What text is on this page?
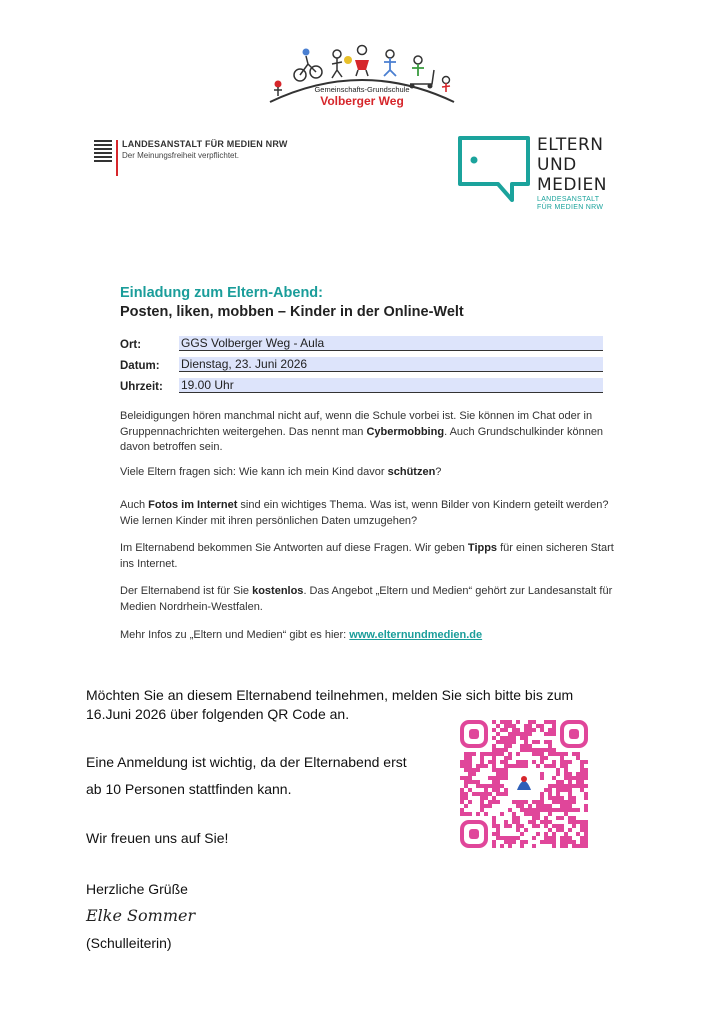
Gemeinschafts-Grundschule
Volberger Weg
LANDESANSTALT FÜR MEDIEN NRW
Der Meinungsfreiheit verpflichtet.
ELTERN
UND
MEDIEN
LANDESANSTALT
FÜR MEDIEN NRW
Einladung zum Eltern-Abend:
Posten, liken, mobben – Kinder in der Online-Welt
Ort:	GGS Volberger Weg - Aula
Datum: Dienstag, 23. Juni 2026
Uhrzeit: 19.00 Uhr
Beleidigungen hören manchmal nicht auf, wenn die Schule vorbei ist. Sie können im Chat oder in Gruppennachrichten weitergehen. Das nennt man Cybermobbing. Auch Grundschulkinder können davon betroffen sein.
Viele Eltern fragen sich: Wie kann ich mein Kind davor schützen?
Auch Fotos im Internet sind ein wichtiges Thema. Was ist, wenn Bilder von Kindern geteilt werden? Wie lernen Kinder mit ihren persönlichen Daten umzugehen?
Im Elternabend bekommen Sie Antworten auf diese Fragen. Wir geben Tipps für einen sicheren Start ins Internet.
Der Elternabend ist für Sie kostenlos. Das Angebot „Eltern und Medien“ gehört zur Landesanstalt für Medien Nordrhein-Westfalen.
Mehr Infos zu „Eltern und Medien“ gibt es hier: www.elternundmedien.de
Möchten Sie an diesem Elternabend teilnehmen, melden Sie sich bitte bis zum
16.Juni 2026 über folgenden QR Code an.
Eine Anmeldung ist wichtig, da der Elternabend erst
ab 10 Personen stattfinden kann.
Wir freuen uns auf Sie!
Herzliche Grüße
Elke Sommer
(Schulleiterin)
